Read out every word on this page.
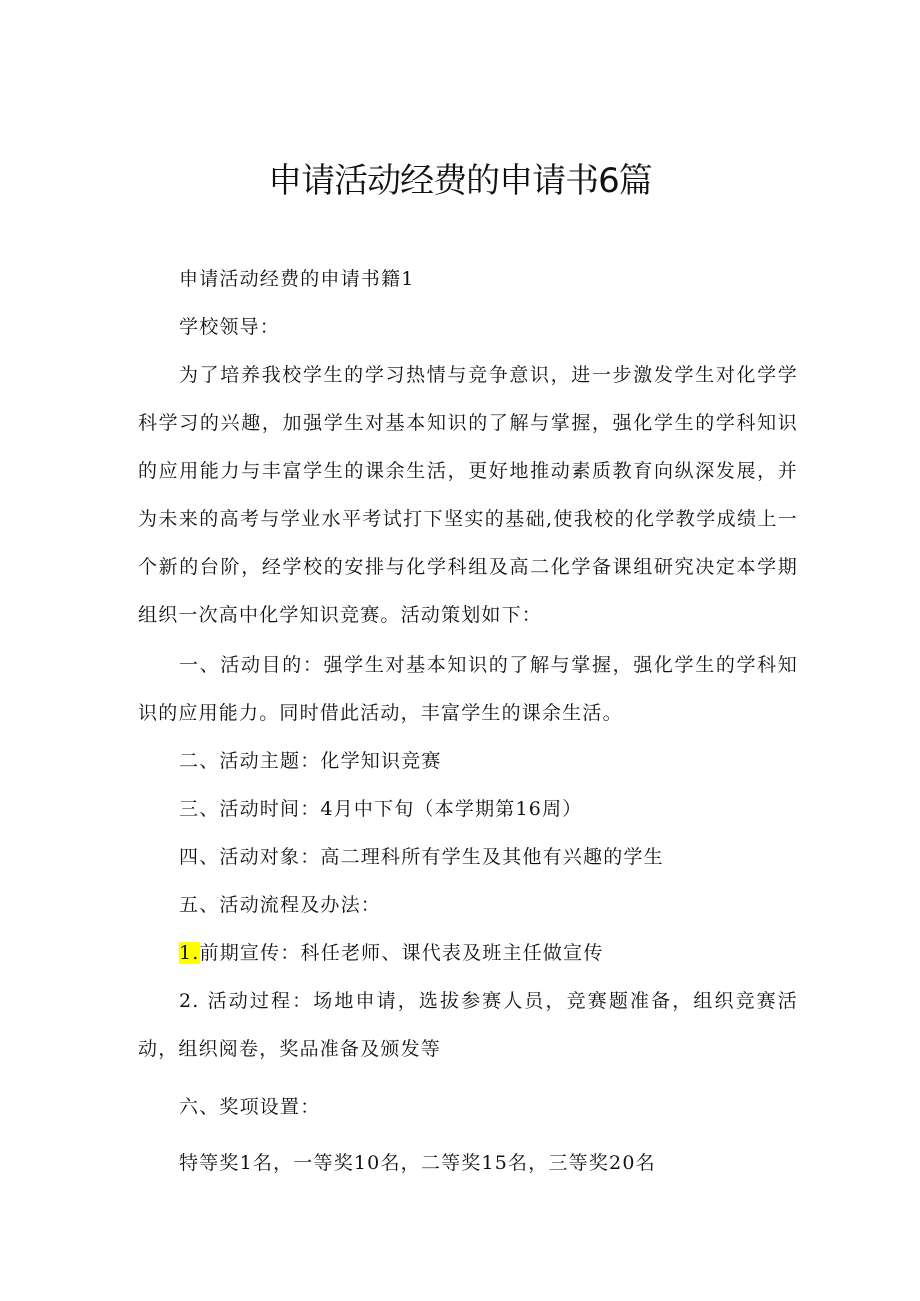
申请活动经费的申请书6篇
申请活动经费的申请书籍1
学校领导：
为了培养我校学生的学习热情与竞争意识，进一步激发学生对化学学科学习的兴趣，加强学生对基本知识的了解与掌握，强化学生的学科知识的应用能力与丰富学生的课余生活，更好地推动素质教育向纵深发展，并为未来的高考与学业水平考试打下坚实的基础,使我校的化学教学成绩上一个新的台阶，经学校的安排与化学科组及高二化学备课组研究决定本学期组织一次高中化学知识竞赛。活动策划如下：
一、活动目的：强学生对基本知识的了解与掌握，强化学生的学科知识的应用能力。同时借此活动，丰富学生的课余生活。
二、活动主题：化学知识竞赛
三、活动时间：4月中下旬（本学期第16周）
四、活动对象：高二理科所有学生及其他有兴趣的学生
五、活动流程及办法：
1.前期宣传：科任老师、课代表及班主任做宣传
2. 活动过程：场地申请，选拔参赛人员，竞赛题准备，组织竞赛活动，组织阅卷，奖品准备及颁发等
六、奖项设置：
特等奖1名，一等奖10名，二等奖15名，三等奖20名
